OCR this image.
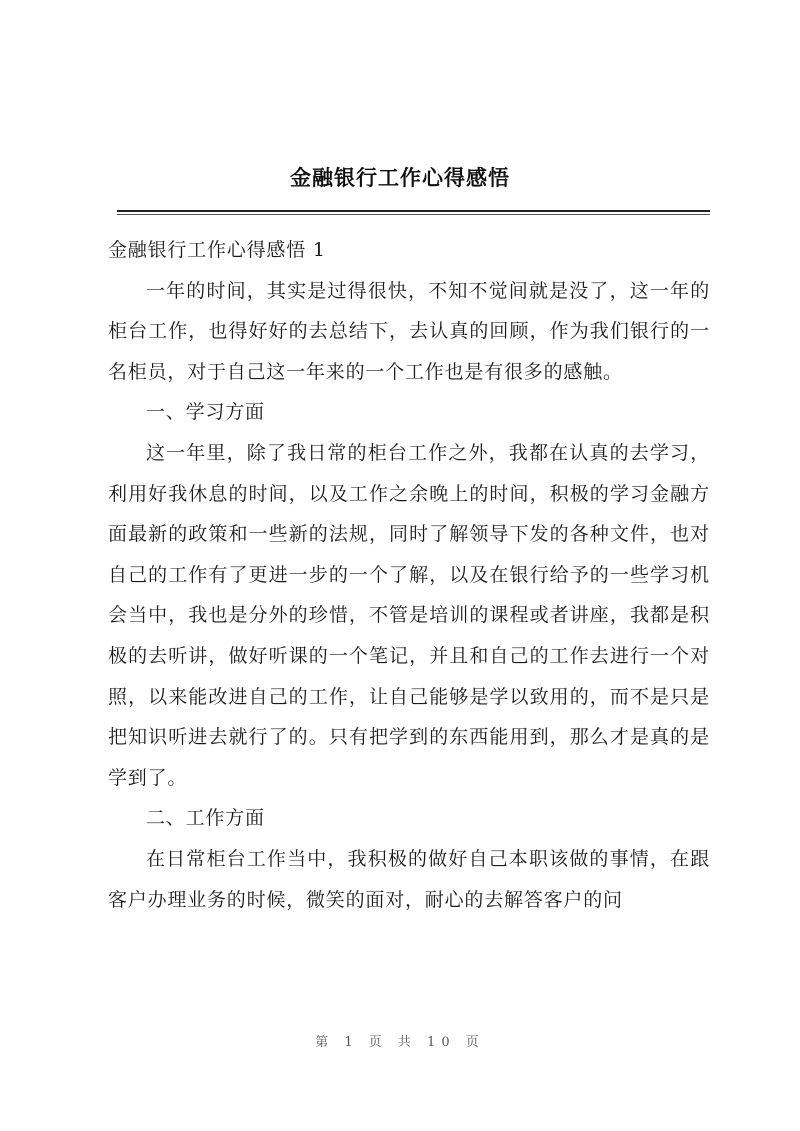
金融银行工作心得感悟

金融银行工作心得感悟 1

一年的时间，其实是过得很快，不知不觉间就是没了，这一年的柜台工作，也得好好的去总结下，去认真的回顾，作为我们银行的一名柜员，对于自己这一年来的一个工作也是有很多的感触。

一、学习方面

这一年里，除了我日常的柜台工作之外，我都在认真的去学习，利用好我休息的时间，以及工作之余晚上的时间，积极的学习金融方面最新的政策和一些新的法规，同时了解领导下发的各种文件，也对自己的工作有了更进一步的一个了解，以及在银行给予的一些学习机会当中，我也是分外的珍惜，不管是培训的课程或者讲座，我都是积极的去听讲，做好听课的一个笔记，并且和自己的工作去进行一个对照，以来能改进自己的工作，让自己能够是学以致用的，而不是只是把知识听进去就行了的。只有把学到的东西能用到，那么才是真的是学到了。

二、工作方面

在日常柜台工作当中，我积极的做好自己本职该做的事情，在跟客户办理业务的时候，微笑的面对，耐心的去解答客户的问

第 1 页 共 10 页
